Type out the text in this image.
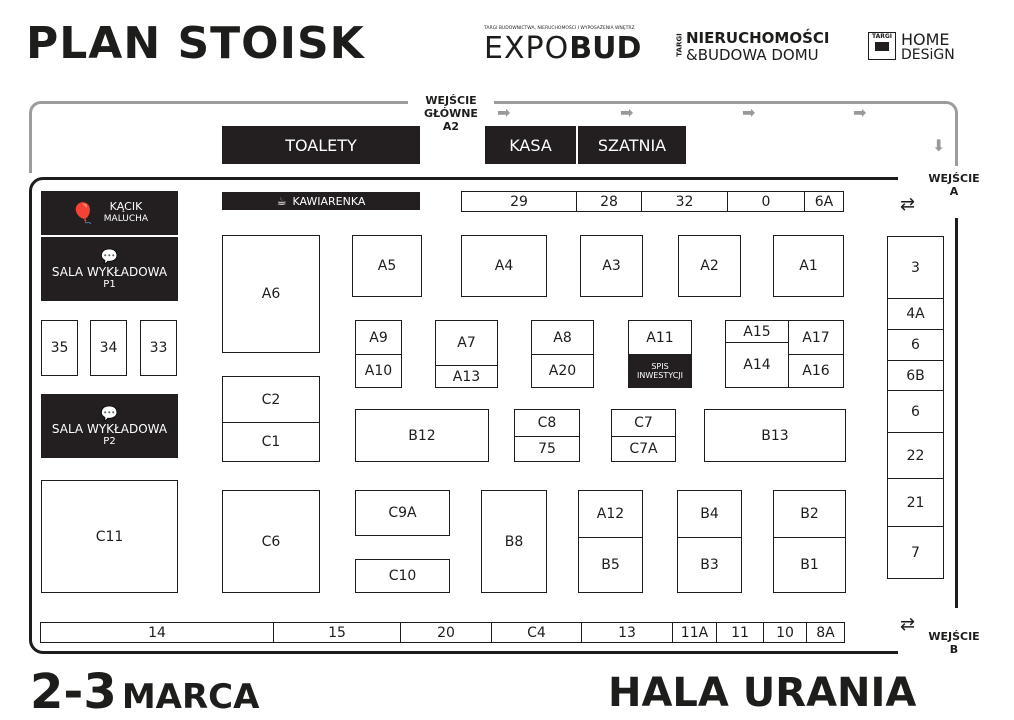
PLAN STOISK	TARGI BUDOWNICTWA, NIERUCHOMOŚCI I WYPOSAŻENIA WNĘTRZ
EXPOBUD	TARGI NIERUCHOMOŚCI
&BUDOWA DOMU
TARGI HOME
DESiGN
WEJŚCIE
GŁÓWNE
A2
➡	➡	➡	➡
⬇
TOALETY	KASA	SZATNIA
WEJŚCIE
A
⇄
WEJŚCIE
B
⇄
🎈	KĄCIK
MALUCHA
💬
SALA WYKŁADOWA
P1
💬
SALA WYKŁADOWA
P2
35	34	33
C11
☕ KAWIARENKA	29	28	32	0	6A
A6
A5	A4	A3	A2	A1
A9
A10
A7
A13
A8
A20
A11
SPIS
INWESTYCJI
A15
A14
A17
A16
C2
C1	B12
C8
75
C7
C7A
B13
C6
C9A
C10
B8
A12
B5
B4
B3
B2
B1
3
4A
6
6B
6
22
21
7
14	15	20	C4	13	11A	11	10	8A
2-3 MARCA	HALA URANIA
